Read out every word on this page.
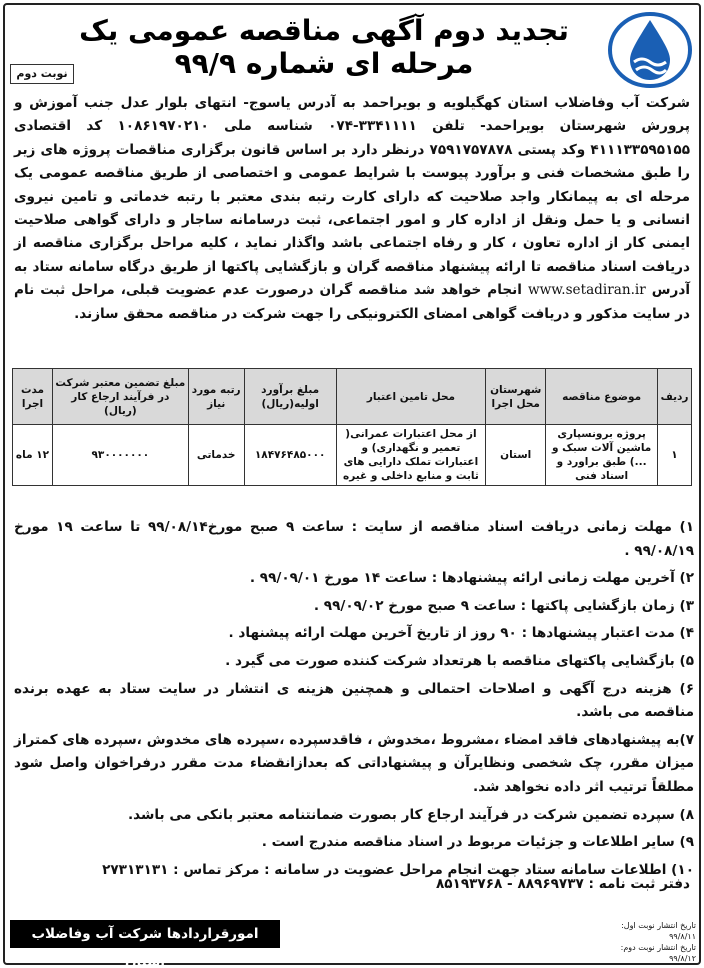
تجدید دوم آگهی مناقصه عمومی یک مرحله ای شماره ۹۹/۹
نوبت دوم
شرکت آب وفاضلاب استان کهگیلویه و بویراحمد به آدرس یاسوج- انتهای بلوار عدل جنب آموزش و پرورش شهرستان بویراحمد- تلفن ۳۳۴۱۱۱۱-۰۷۴ شناسه ملی ۱۰۸۶۱۹۷۰۲۱۰ کد اقتصادی ۴۱۱۱۳۳۵۹۵۱۵۵ وکد پستی ۷۵۹۱۷۵۷۸۷۸ درنظر دارد بر اساس قانون برگزاری مناقصات پروژه های زیر را طبق مشخصات فنی و برآورد پیوست با شرایط عمومی و اختصاصی از طریق مناقصه عمومی یک مرحله ای به پیمانکار واجد صلاحیت که دارای کارت رتبه بندی معتبر با رتبه خدماتی و تامین نیروی انسانی و یا حمل ونقل از اداره کار و امور اجتماعی، ثبت درسامانه ساجار و دارای گواهی صلاحیت ایمنی کار از اداره تعاون ، کار و رفاه اجتماعی باشد واگذار نماید ، کلیه مراحل برگزاری مناقصه از دریافت اسناد مناقصه تا ارائه پیشنهاد مناقصه گران و بازگشایی پاکتها از طریق درگاه سامانه ستاد به آدرس www.setadiran.ir انجام خواهد شد مناقصه گران درصورت عدم عضویت قبلی، مراحل ثبت نام در سایت مذکور و دریافت گواهی امضای الکترونیکی را جهت شرکت در مناقصه محقق سازند.
ردیف	موضوع مناقصه	شهرستان محل اجرا	محل تامین اعتبار	مبلغ برآورد اولیه(ریال)	رتبه مورد نیاز	مبلغ تضمین معتبر شرکت در فرآیند ارجاع کار (ریال)	مدت اجرا
۱	پروژه برونسپاری ماشین آلات سبک و ...) طبق براورد و اسناد فنی	استان	از محل اعتبارات عمرانی( تعمیر و نگهداری) و اعتبارات تملک دارایی های ثابت و منابع داخلی و غیره	۱۸۴۷۶۴۸۵۰۰۰	خدماتی	۹۳۰۰۰۰۰۰۰	۱۲ ماه
۱) مهلت زمانی دریافت اسناد مناقصه از سایت : ساعت ۹ صبح مورخ۹۹/۰۸/۱۴ تا ساعت ۱۹ مورخ ۹۹/۰۸/۱۹ .
۲) آخرین مهلت زمانی ارائه پیشنهادها : ساعت ۱۴ مورخ ۹۹/۰۹/۰۱ .
۳) زمان بازگشایی پاکتها : ساعت ۹ صبح مورخ ۹۹/۰۹/۰۲ .
۴) مدت اعتبار پیشنهادها : ۹۰ روز از تاریخ آخرین مهلت ارائه پیشنهاد .
۵) بازگشایی پاکتهای مناقصه با هرتعداد شرکت کننده صورت می گیرد .
۶) هزینه درج آگهی و اصلاحات احتمالی و همچنین هزینه ی انتشار در سایت ستاد به عهده برنده مناقصه می باشد.
۷)به پیشنهادهای فاقد امضاء ،مشروط ،مخدوش ، فاقدسپرده ،سپرده های مخدوش ،سپرده های کمتراز میزان مقرر، چک شخصی ونظایرآن و پیشنهاداتی که بعدازانقضاء مدت مقرر درفراخوان واصل شود مطلقاً ترتیب اثر داده نخواهد شد.
۸) سپرده تضمین شرکت در فرآیند ارجاع کار بصورت ضمانتنامه معتبر بانکی می باشد.
۹) سایر اطلاعات و جزئیات مربوط در اسناد مناقصه مندرج است .
۱۰) اطلاعات سامانه ستاد جهت انجام مراحل عضویت در سامانه : مرکز تماس : ۲۷۳۱۳۱۳۱
دفتر ثبت نامه : ۸۸۹۶۹۷۳۷ - ۸۵۱۹۳۷۶۸
تاریخ انتشار نوبت اول: ۹۹/۸/۱۱
تاریخ انتشار نوبت دوم: ۹۹/۸/۱۲
امورقراردادها شرکت آب وفاضلاب استان
